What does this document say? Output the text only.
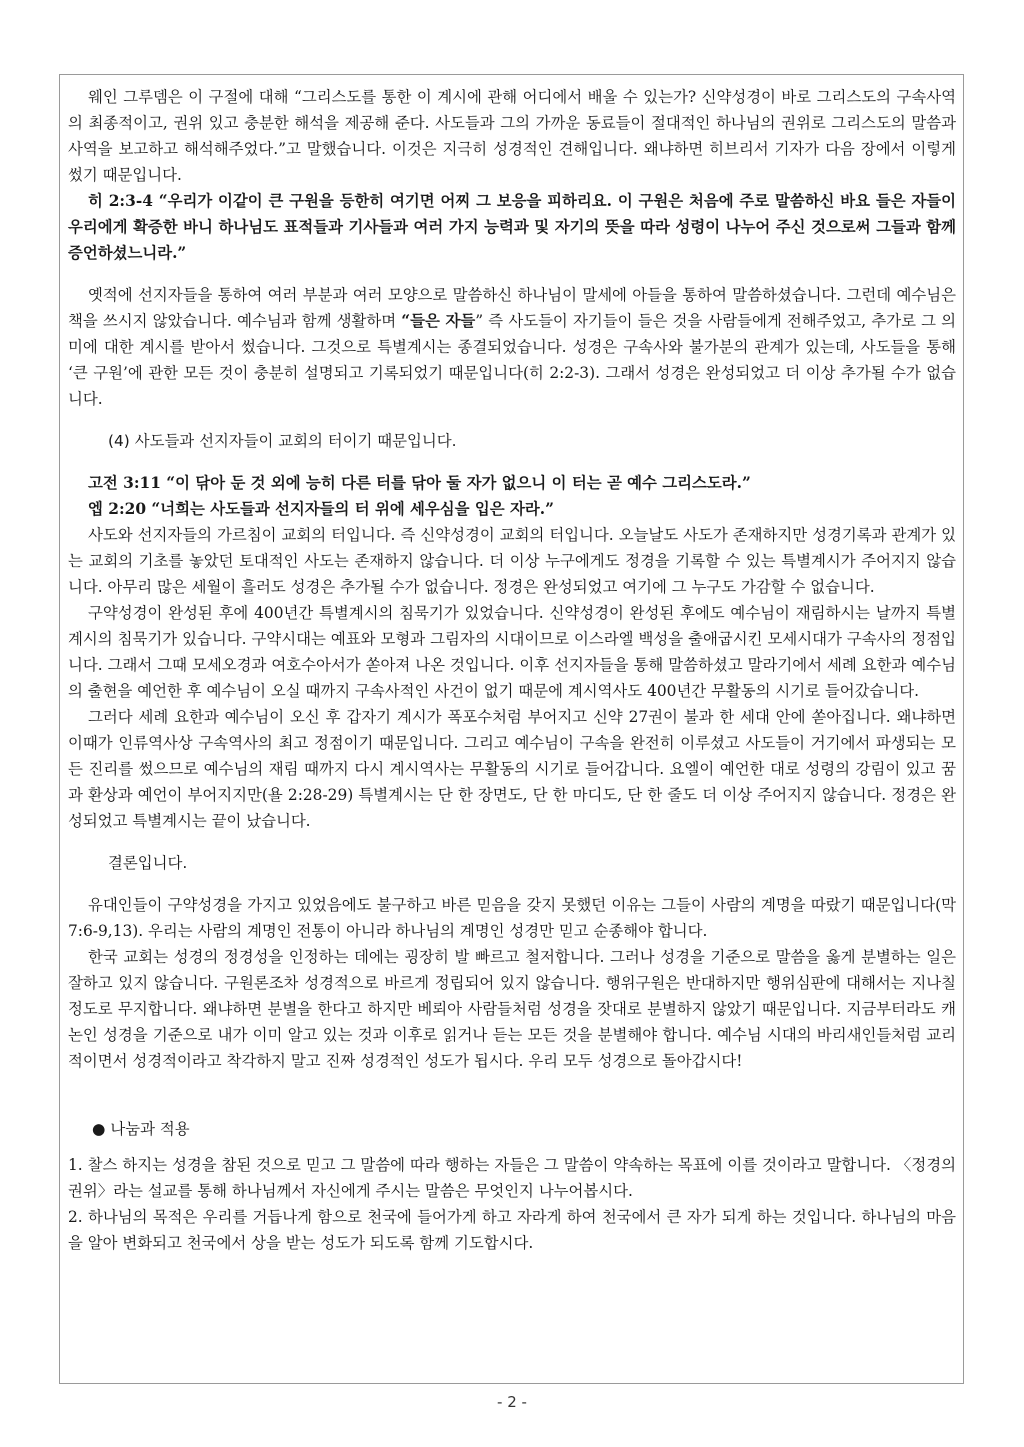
웨인 그루뎀은 이 구절에 대해 “그리스도를 통한 이 계시에 관해 어디에서 배울 수 있는가? 신약성경이 바로 그리스도의 구속사역의 최종적이고, 권위 있고 충분한 해석을 제공해 준다. 사도들과 그의 가까운 동료들이 절대적인 하나님의 권위로 그리스도의 말씀과 사역을 보고하고 해석해주었다.”고 말했습니다. 이것은 지극히 성경적인 견해입니다. 왜냐하면 히브리서 기자가 다음 장에서 이렇게 썼기 때문입니다.

히 2:3-4 “우리가 이같이 큰 구원을 등한히 여기면 어찌 그 보응을 피하리요. 이 구원은 처음에 주로 말씀하신 바요 들은 자들이 우리에게 확증한 바니 하나님도 표적들과 기사들과 여러 가지 능력과 및 자기의 뜻을 따라 성령이 나누어 주신 것으로써 그들과 함께 증언하셨느니라.”

옛적에 선지자들을 통하여 여러 부분과 여러 모양으로 말씀하신 하나님이 말세에 아들을 통하여 말씀하셨습니다. 그런데 예수님은 책을 쓰시지 않았습니다. 예수님과 함께 생활하며 “들은 자들” 즉 사도들이 자기들이 들은 것을 사람들에게 전해주었고, 추가로 그 의미에 대한 계시를 받아서 썼습니다. 그것으로 특별계시는 종결되었습니다. 성경은 구속사와 불가분의 관계가 있는데, 사도들을 통해 ‘큰 구원’에 관한 모든 것이 충분히 설명되고 기록되었기 때문입니다(히 2:2-3). 그래서 성경은 완성되었고 더 이상 추가될 수가 없습니다.

(4) 사도들과 선지자들이 교회의 터이기 때문입니다.

고전 3:11 “이 닦아 둔 것 외에 능히 다른 터를 닦아 둘 자가 없으니 이 터는 곧 예수 그리스도라.”

엡 2:20 “너희는 사도들과 선지자들의 터 위에 세우심을 입은 자라.”

사도와 선지자들의 가르침이 교회의 터입니다. 즉 신약성경이 교회의 터입니다. 오늘날도 사도가 존재하지만 성경기록과 관계가 있는 교회의 기초를 놓았던 토대적인 사도는 존재하지 않습니다. 더 이상 누구에게도 정경을 기록할 수 있는 특별계시가 주어지지 않습니다. 아무리 많은 세월이 흘러도 성경은 추가될 수가 없습니다. 정경은 완성되었고 여기에 그 누구도 가감할 수 없습니다.

구약성경이 완성된 후에 400년간 특별계시의 침묵기가 있었습니다. 신약성경이 완성된 후에도 예수님이 재림하시는 날까지 특별계시의 침묵기가 있습니다. 구약시대는 예표와 모형과 그림자의 시대이므로 이스라엘 백성을 출애굽시킨 모세시대가 구속사의 정점입니다. 그래서 그때 모세오경과 여호수아서가 쏟아져 나온 것입니다. 이후 선지자들을 통해 말씀하셨고 말라기에서 세례 요한과 예수님의 출현을 예언한 후 예수님이 오실 때까지 구속사적인 사건이 없기 때문에 계시역사도 400년간 무활동의 시기로 들어갔습니다.

그러다 세례 요한과 예수님이 오신 후 갑자기 계시가 폭포수처럼 부어지고 신약 27권이 불과 한 세대 안에 쏟아집니다. 왜냐하면 이때가 인류역사상 구속역사의 최고 정점이기 때문입니다. 그리고 예수님이 구속을 완전히 이루셨고 사도들이 거기에서 파생되는 모든 진리를 썼으므로 예수님의 재림 때까지 다시 계시역사는 무활동의 시기로 들어갑니다. 요엘이 예언한 대로 성령의 강림이 있고 꿈과 환상과 예언이 부어지지만(욜 2:28-29) 특별계시는 단 한 장면도, 단 한 마디도, 단 한 줄도 더 이상 주어지지 않습니다. 정경은 완성되었고 특별계시는 끝이 났습니다.

결론입니다.

유대인들이 구약성경을 가지고 있었음에도 불구하고 바른 믿음을 갖지 못했던 이유는 그들이 사람의 계명을 따랐기 때문입니다(막 7:6-9,13). 우리는 사람의 계명인 전통이 아니라 하나님의 계명인 성경만 믿고 순종해야 합니다.

한국 교회는 성경의 정경성을 인정하는 데에는 굉장히 발 빠르고 철저합니다. 그러나 성경을 기준으로 말씀을 옳게 분별하는 일은 잘하고 있지 않습니다. 구원론조차 성경적으로 바르게 정립되어 있지 않습니다. 행위구원은 반대하지만 행위심판에 대해서는 지나칠 정도로 무지합니다. 왜냐하면 분별을 한다고 하지만 베뢰아 사람들처럼 성경을 잣대로 분별하지 않았기 때문입니다. 지금부터라도 캐논인 성경을 기준으로 내가 이미 알고 있는 것과 이후로 읽거나 듣는 모든 것을 분별해야 합니다. 예수님 시대의 바리새인들처럼 교리적이면서 성경적이라고 착각하지 말고 진짜 성경적인 성도가 됩시다. 우리 모두 성경으로 돌아갑시다!

● 나눔과 적용

1. 찰스 하지는 성경을 참된 것으로 믿고 그 말씀에 따라 행하는 자들은 그 말씀이 약속하는 목표에 이를 것이라고 말합니다. 〈정경의 권위〉라는 설교를 통해 하나님께서 자신에게 주시는 말씀은 무엇인지 나누어봅시다.

2. 하나님의 목적은 우리를 거듭나게 함으로 천국에 들어가게 하고 자라게 하여 천국에서 큰 자가 되게 하는 것입니다. 하나님의 마음을 알아 변화되고 천국에서 상을 받는 성도가 되도록 함께 기도합시다.

- 2 -
